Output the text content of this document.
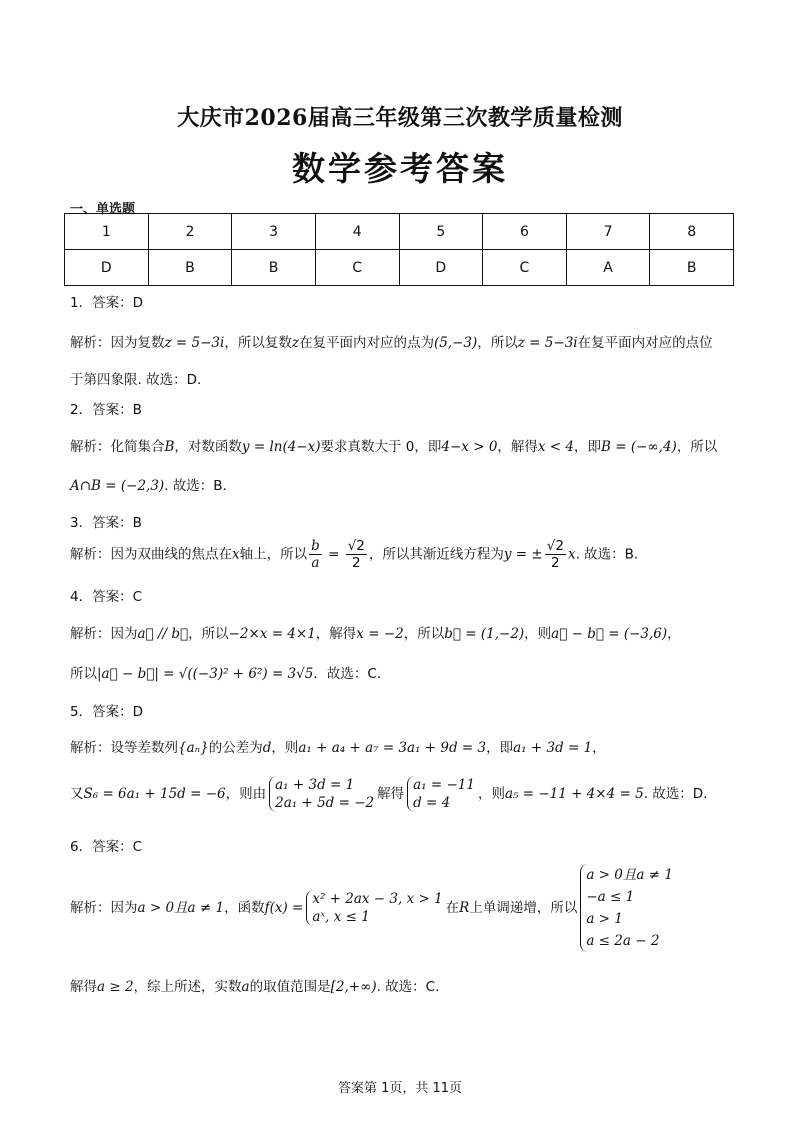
大庆市2026届高三年级第三次教学质量检测
数学参考答案
一、单选题
1	2	3	4	5	6	7	8
D	B	B	C	D	C	A	B
1．答案：D
解析：因为复数z = 5−3i，所以复数z在复平面内对应的点为(5,−3)，所以z = 5−3i在复平面内对应的点位
于第四象限. 故选：D.
2．答案：B
解析：化简集合B，对数函数y = ln(4−x)要求真数大于 0，即4−x > 0，解得x < 4，即B = (−∞,4)，所以
A∩B = (−2,3). 故选：B.
3．答案：B
解析：因为双曲线的焦点在x轴上，所以 $\frac{b}{a} = \frac{√2}{2}$ ，所以其渐近线方程为y = ± $\frac{√2}{2} x$. 故选：B.
4．答案：C
解析：因为a⃗ // b⃗，所以−2×x = 4×1，解得x = −2，所以b⃗ = (1,−2)，则a⃗ − b⃗ = (−3,6)，
所以|a⃗ − b⃗| = √((−3)² + 6²) = 3√5．故选：C.
5．答案：D
解析：设等差数列{aₙ}的公差为d，则a₁ + a₄ + a₇ = 3a₁ + 9d = 3，即a₁ + 3d = 1，
又S₆ = 6a₁ + 15d = −6，则由
a₁ + 3d = 1
2a₁ + 5d = −2
解得
a₁ = −11
d = 4
，则a₅ = −11 + 4×4 = 5. 故选：D.
6．答案：C
解析：因为a > 0且a ≠ 1，函数f(x) =
x² + 2ax − 3, x > 1
aˣ, x ≤ 1
在R上单调递增，所以
a > 0且a ≠ 1
−a ≤ 1
a > 1
a ≤ 2a − 2
解得a ≥ 2，综上所述，实数a的取值范围是[2,+∞). 故选：C.
答案第 1页，共 11页
